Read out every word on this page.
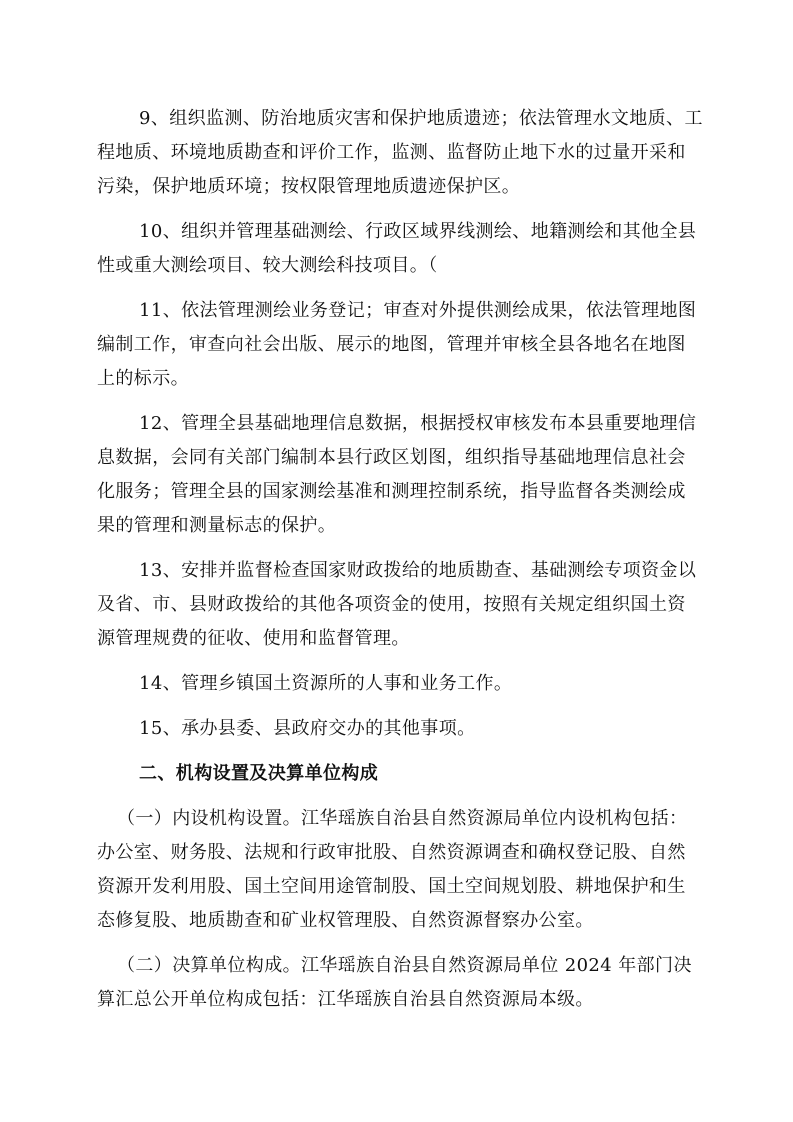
9、组织监测、防治地质灾害和保护地质遗迹；依法管理水文地质、工程地质、环境地质勘查和评价工作，监测、监督防止地下水的过量开采和污染，保护地质环境；按权限管理地质遗迹保护区。

10、组织并管理基础测绘、行政区域界线测绘、地籍测绘和其他全县性或重大测绘项目、较大测绘科技项目。（

11、依法管理测绘业务登记；审查对外提供测绘成果，依法管理地图编制工作，审查向社会出版、展示的地图，管理并审核全县各地名在地图上的标示。

12、管理全县基础地理信息数据，根据授权审核发布本县重要地理信息数据，会同有关部门编制本县行政区划图，组织指导基础地理信息社会化服务；管理全县的国家测绘基准和测理控制系统，指导监督各类测绘成果的管理和测量标志的保护。

13、安排并监督检查国家财政拨给的地质勘查、基础测绘专项资金以及省、市、县财政拨给的其他各项资金的使用，按照有关规定组织国土资源管理规费的征收、使用和监督管理。

14、管理乡镇国土资源所的人事和业务工作。

15、承办县委、县政府交办的其他事项。

二、机构设置及决算单位构成

（一）内设机构设置。江华瑶族自治县自然资源局单位内设机构包括：办公室、财务股、法规和行政审批股、自然资源调查和确权登记股、自然资源开发利用股、国土空间用途管制股、国土空间规划股、耕地保护和生态修复股、地质勘查和矿业权管理股、自然资源督察办公室。

（二）决算单位构成。江华瑶族自治县自然资源局单位 2024 年部门决算汇总公开单位构成包括：江华瑶族自治县自然资源局本级。
